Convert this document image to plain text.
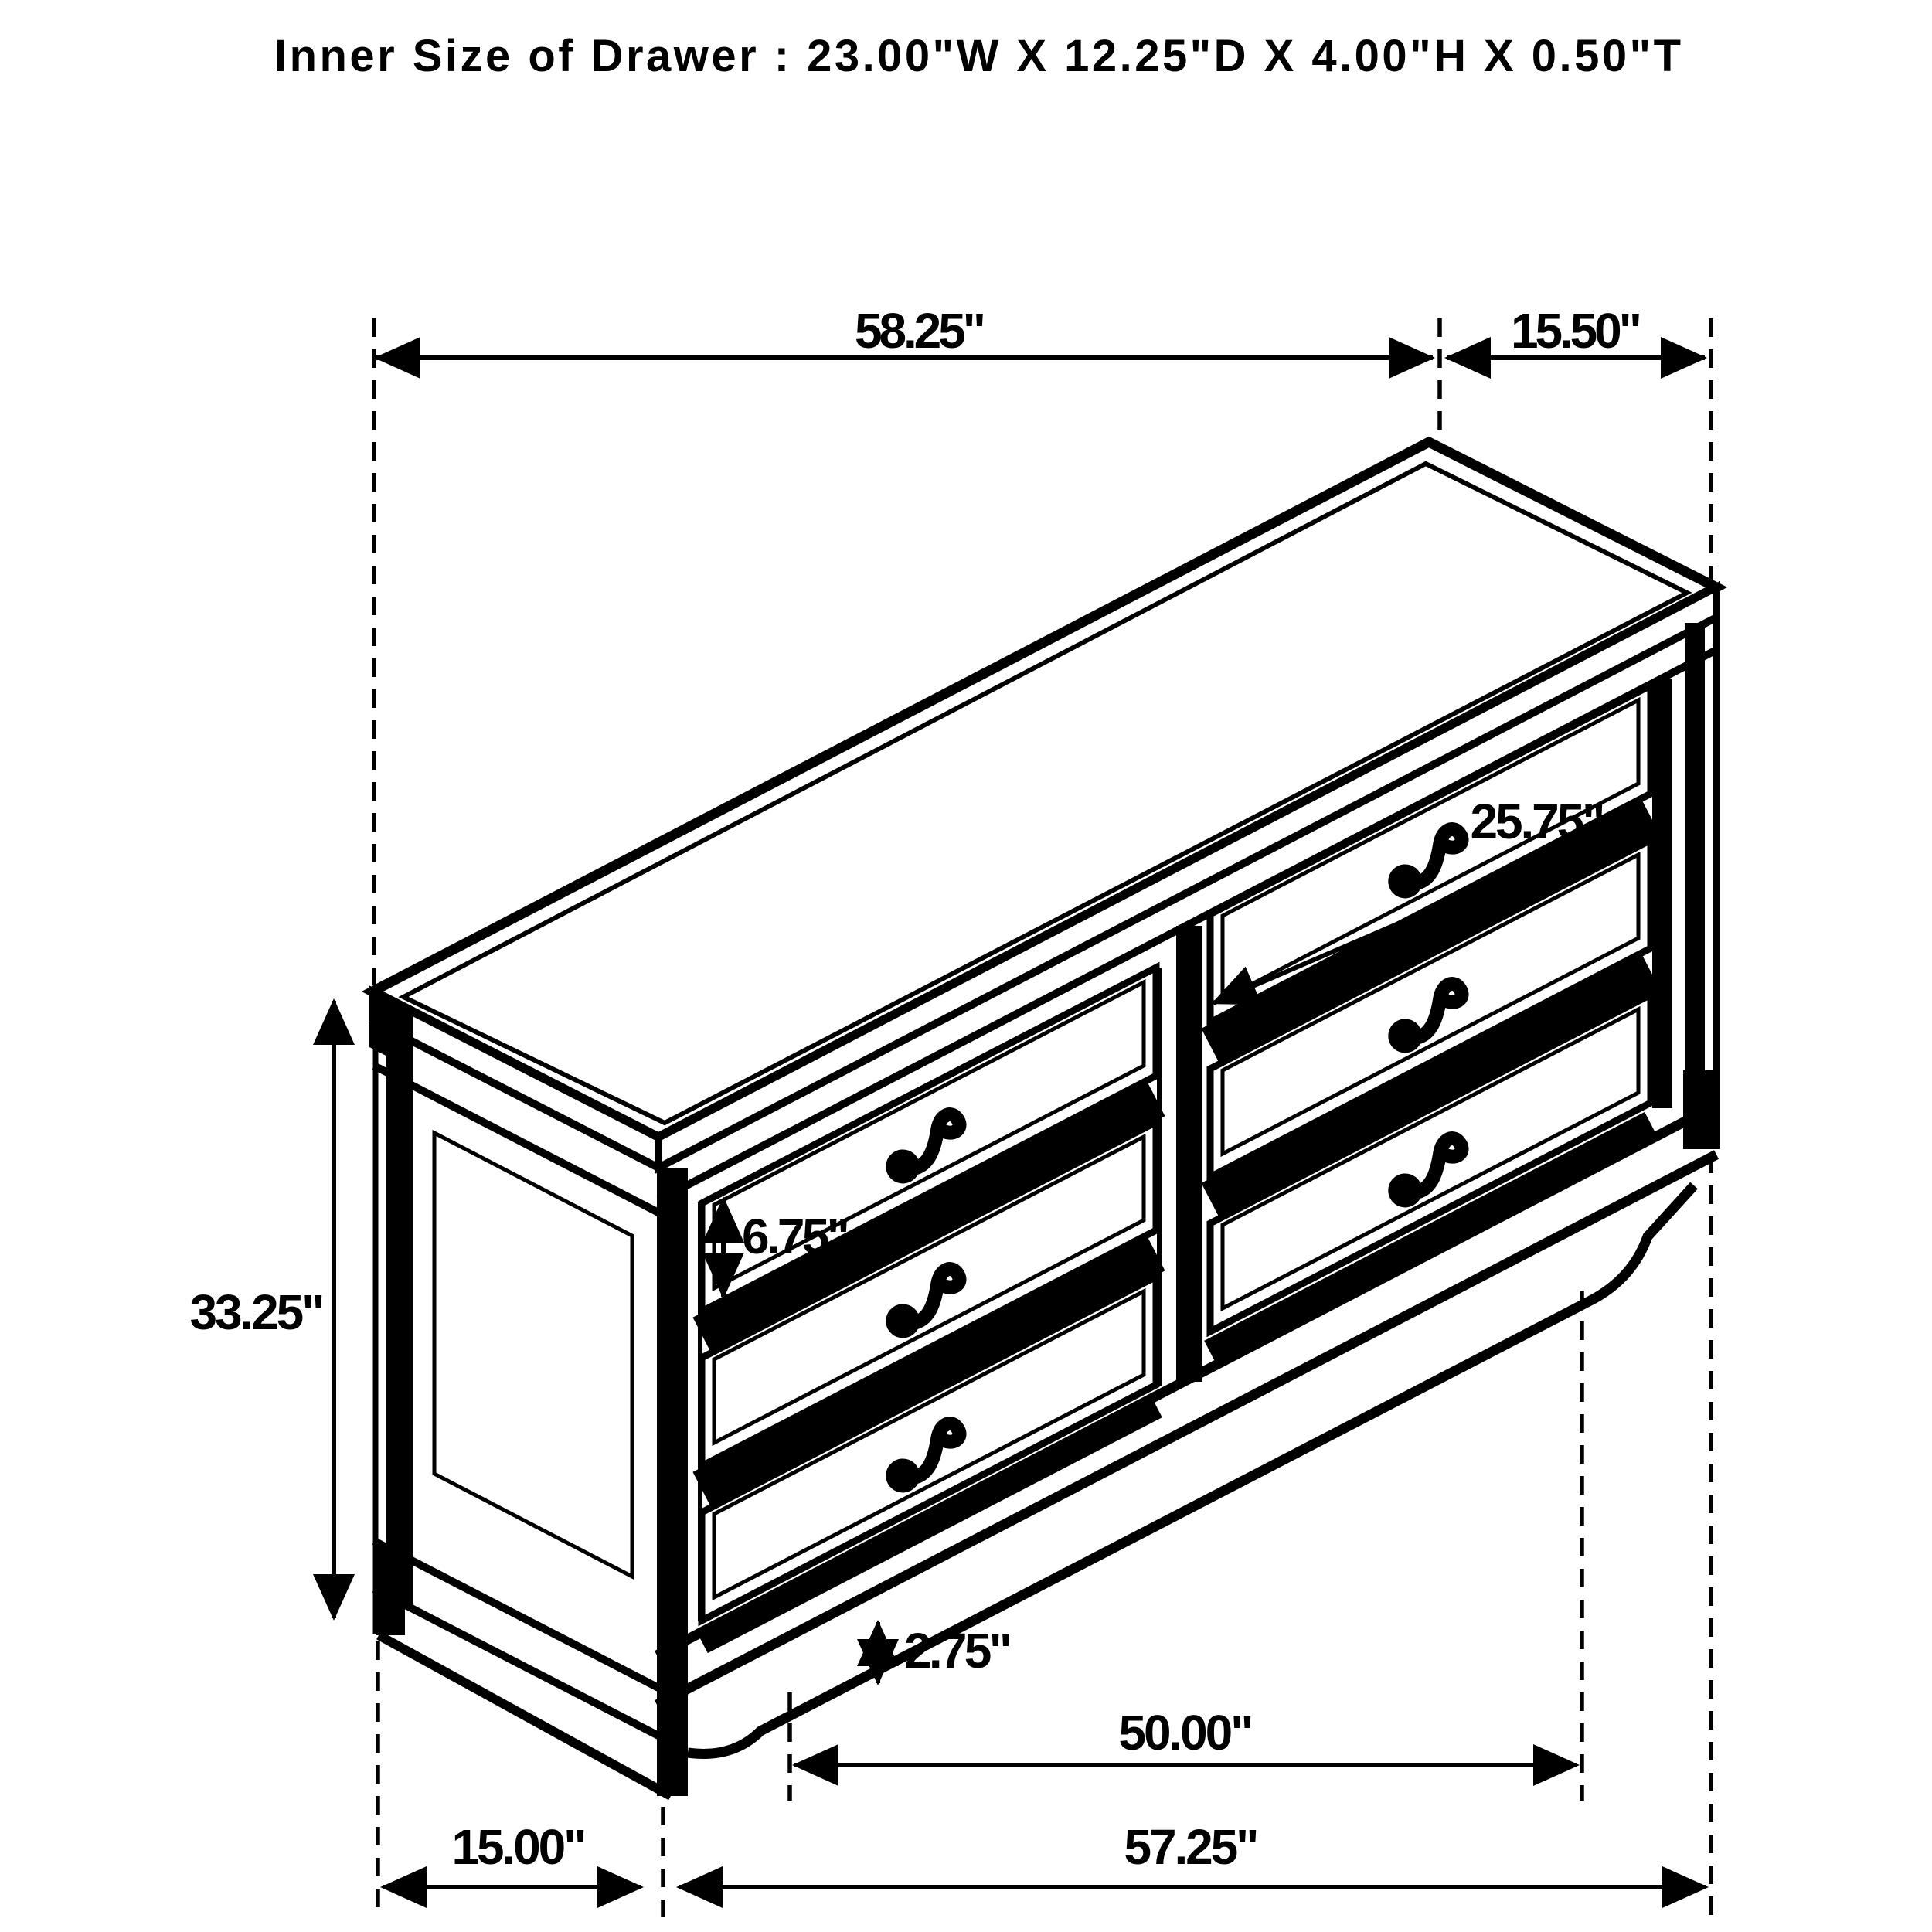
58.25"	15.50"
25.75"
6.75"
33.25"
2.75"
50.00"
15.00"	57.25"
Inner Size of Drawer : 23.00"W X 12.25"D X 4.00"H X 0.50"T
